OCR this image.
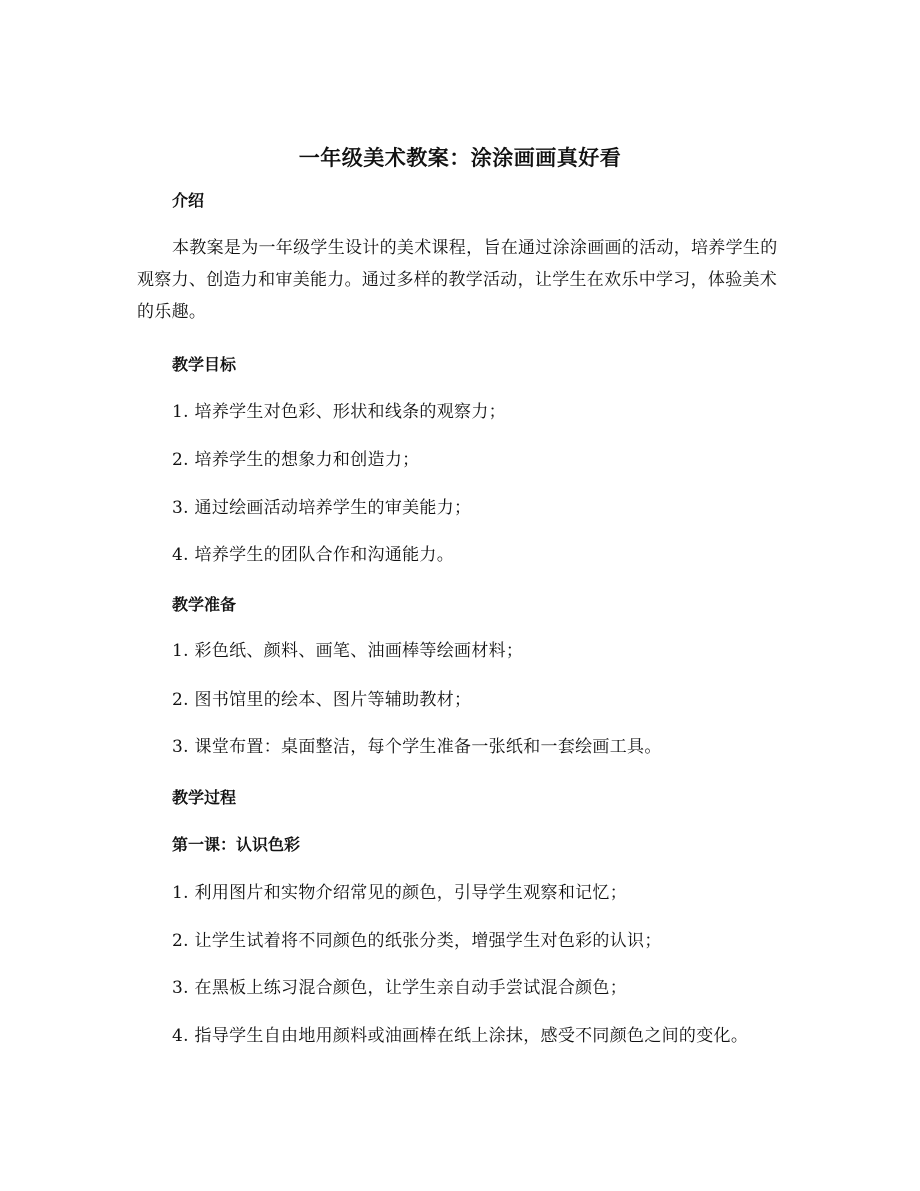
一年级美术教案：涂涂画画真好看
介绍
本教案是为一年级学生设计的美术课程，旨在通过涂涂画画的活动，培养学生的观察力、创造力和审美能力。通过多样的教学活动，让学生在欢乐中学习，体验美术的乐趣。
教学目标
1. 培养学生对色彩、形状和线条的观察力；
2. 培养学生的想象力和创造力；
3. 通过绘画活动培养学生的审美能力；
4. 培养学生的团队合作和沟通能力。
教学准备
1. 彩色纸、颜料、画笔、油画棒等绘画材料；
2. 图书馆里的绘本、图片等辅助教材；
3. 课堂布置：桌面整洁，每个学生准备一张纸和一套绘画工具。
教学过程
第一课：认识色彩
1. 利用图片和实物介绍常见的颜色，引导学生观察和记忆；
2. 让学生试着将不同颜色的纸张分类，增强学生对色彩的认识；
3. 在黑板上练习混合颜色，让学生亲自动手尝试混合颜色；
4. 指导学生自由地用颜料或油画棒在纸上涂抹，感受不同颜色之间的变化。
